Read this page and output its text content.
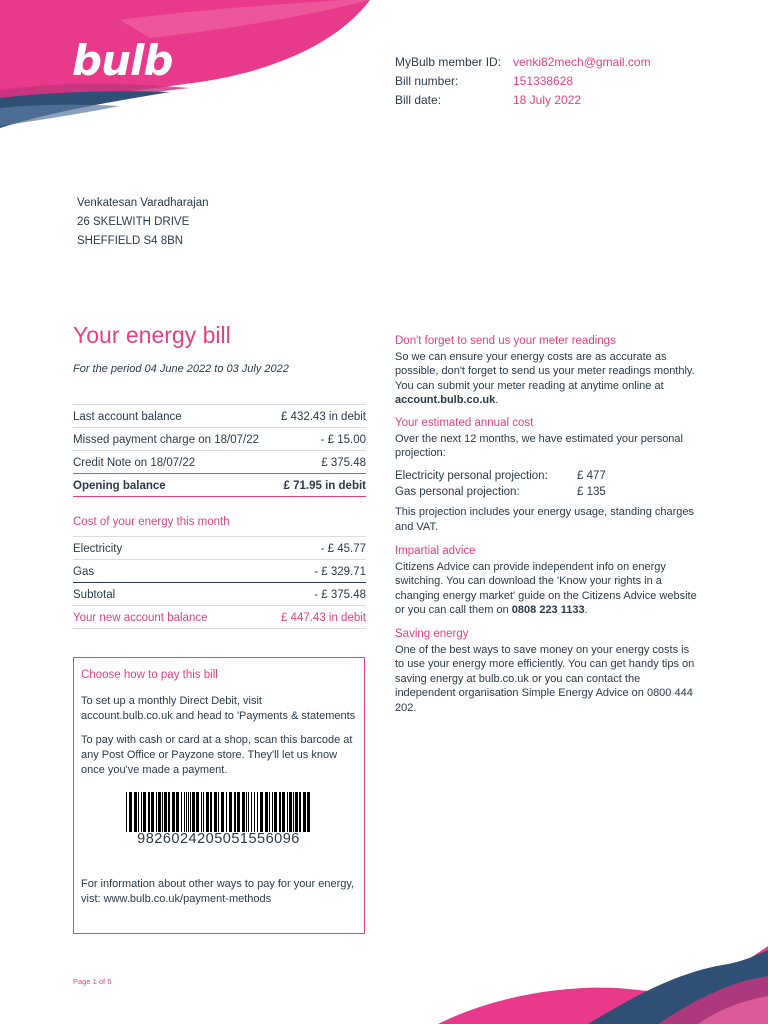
bulb	MyBulb member ID: venki82mech@gmail.com
Bill number:	151338628
Bill date:	18 July 2022
Venkatesan Varadharajan
26 SKELWITH DRIVE
SHEFFIELD S4 8BN
Your energy bill
For the period 04 June 2022 to 03 July 2022
Last account balance	£ 432.43 in debit
Missed payment charge on 18/07/22	- £ 15.00
Credit Note on 18/07/22	£ 375.48
Opening balance	£ 71.95 in debit
Cost of your energy this month
Electricity	- £ 45.77
Gas	- £ 329.71
Subtotal	- £ 375.48
Your new account balance	£ 447.43 in debit
Choose how to pay this bill

To set up a monthly Direct Debit, visit account.bulb.co.uk and head to 'Payments & statements

To pay with cash or card at a shop, scan this barcode at any Post Office or Payzone store. They'll let us know once you've made a payment.

9826024205051556096

For information about other ways to pay for your energy, vist: www.bulb.co.uk/payment-methods

Don't forget to send us your meter readings

So we can ensure your energy costs are as accurate as possible, don't forget to send us your meter readings monthly. You can submit your meter reading at anytime online at account.bulb.co.uk.

Your estimated annual cost

Over the next 12 months, we have estimated your personal projection:

Electricity personal projection:	£ 477
Gas personal projection:	£ 135

This projection includes your energy usage, standing charges and VAT.

Impartial advice

Citizens Advice can provide independent info on energy switching. You can download the 'Know your rights in a changing energy market' guide on the Citizens Advice website or you can call them on 0808 223 1133.

Saving energy

One of the best ways to save money on your energy costs is to use your energy more efficiently. You can get handy tips on saving energy at bulb.co.uk or you can contact the independent organisation Simple Energy Advice on 0800 444 202.

Page 1 of 5
